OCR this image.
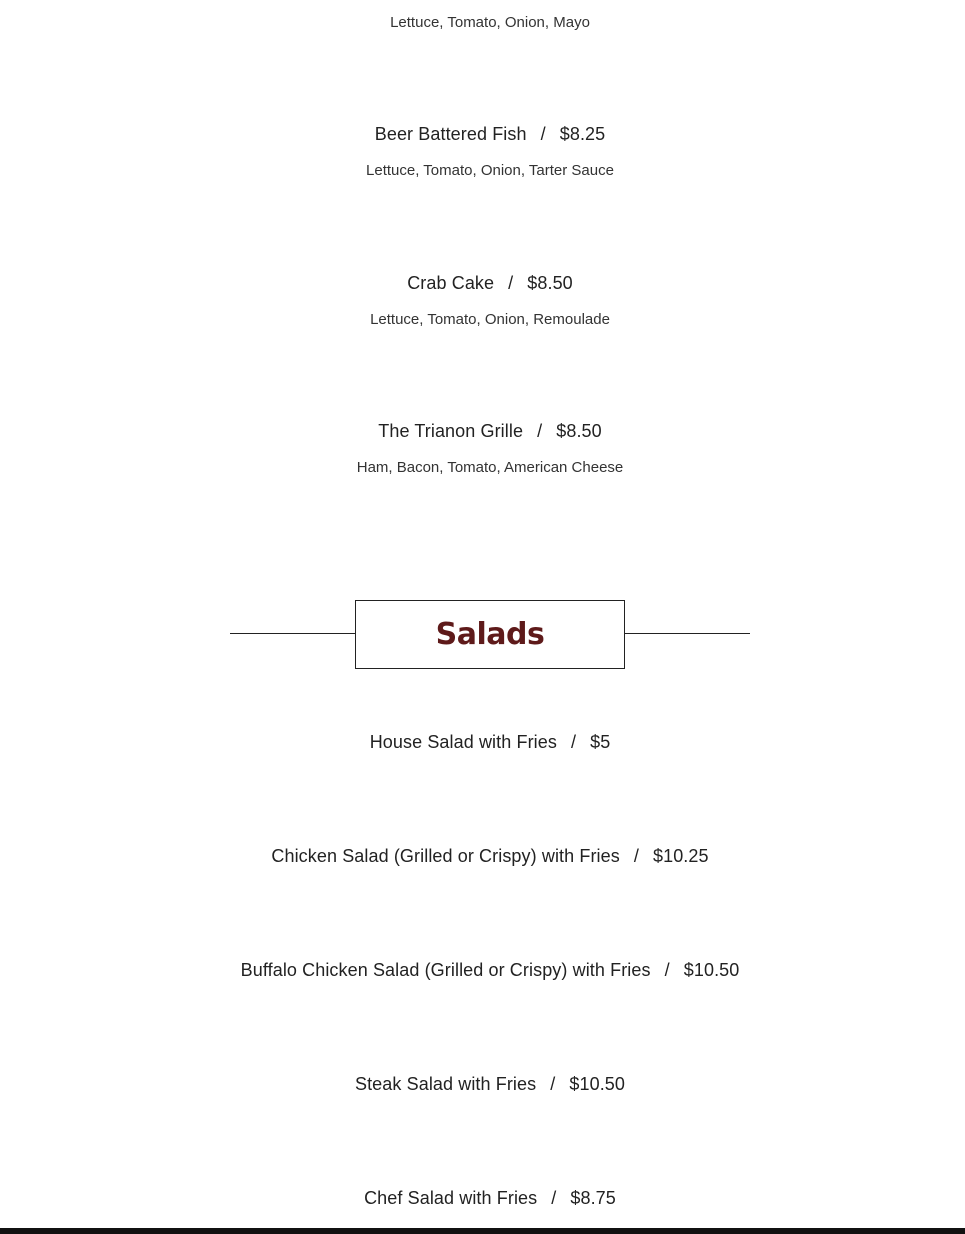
Lettuce, Tomato, Onion, Mayo
Beer Battered Fish / $8.25
Lettuce, Tomato, Onion, Tarter Sauce
Crab Cake / $8.50
Lettuce, Tomato, Onion, Remoulade
The Trianon Grille / $8.50
Ham, Bacon, Tomato, American Cheese
Salads
House Salad with Fries / $5
Chicken Salad (Grilled or Crispy) with Fries / $10.25
Buffalo Chicken Salad (Grilled or Crispy) with Fries / $10.50
Steak Salad with Fries / $10.50
Chef Salad with Fries / $8.75
